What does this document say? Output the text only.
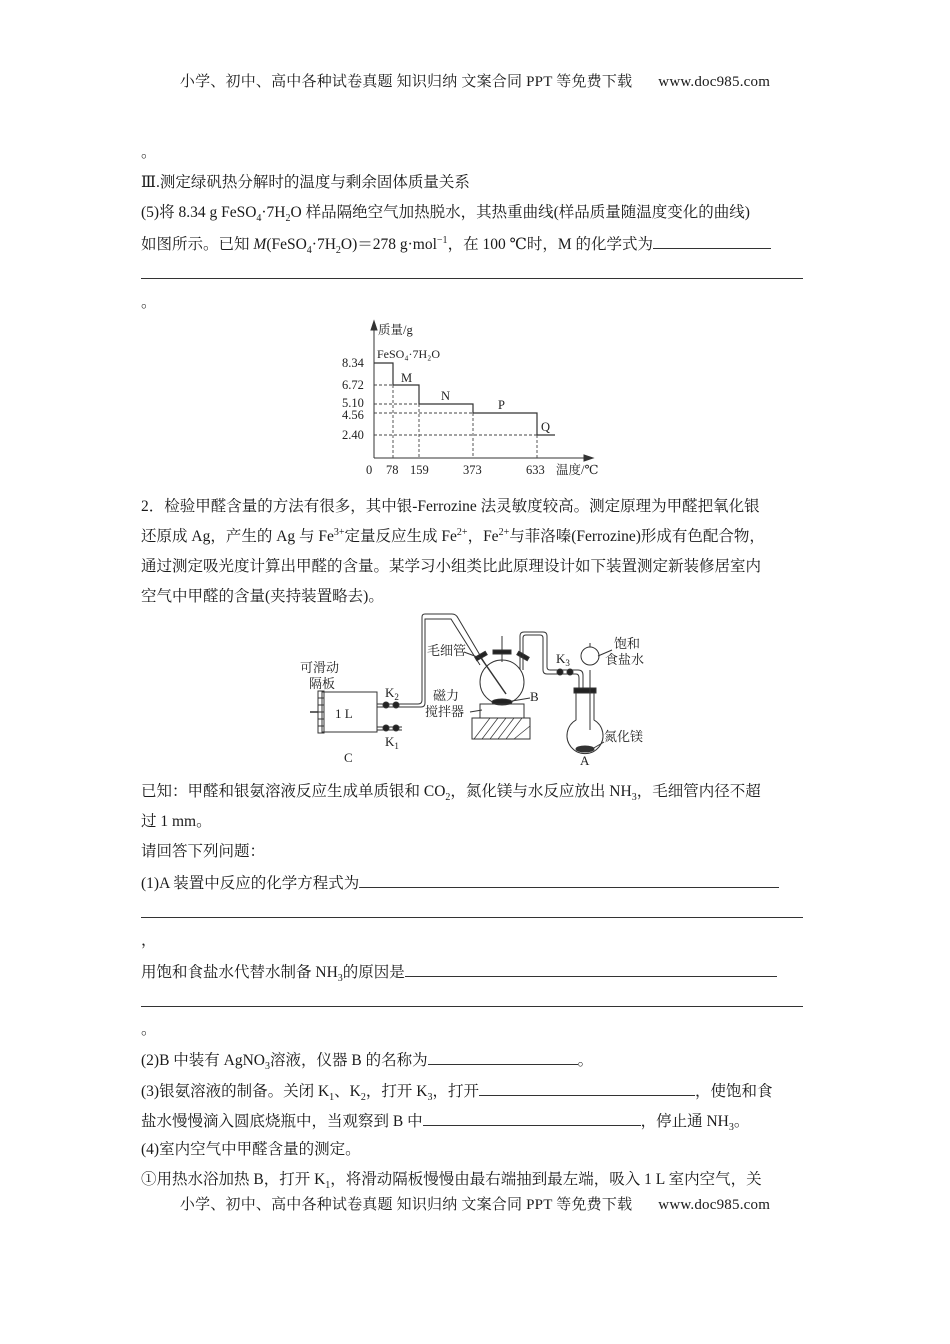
小学、初中、高中各种试卷真题 知识归纳 文案合同 PPT 等免费下载 www.doc985.com
。
Ⅲ.测定绿矾热分解时的温度与剩余固体质量关系
(5)将 8.34 g $FeSO_4\cdot 7H_2O$ 样品隔绝空气加热脱水，其热重曲线(样品质量随温度变化的曲线)
如图所示。已知 $M(FeSO_4\cdot 7H_2O)=278$ g·mol$^{-1}$，在 100 ℃时，M 的化学式为
。
质量/g
FeSO₄·7H₂O
M
N
P
Q
8.34
6.72
5.10
4.56
2.40
0 78 159	373	633 温度/℃
2．检验甲醛含量的方法有很多，其中银-Ferrozine 法灵敏度较高。测定原理为甲醛把氧化银
还原成 Ag，产生的 Ag 与 $Fe^{3+}$定量反应生成 $Fe^{2+}$，$Fe^{2+}$与菲洛嗪(Ferrozine)形成有色配合物，
通过测定吸光度计算出甲醛的含量。某学习小组类比此原理设计如下装置测定新装修居室内
空气中甲醛的含量(夹持装置略去)。
可滑动
隔板
1 L
$K_2$
$K_1$
C
毛细管
磁力
搅拌器
B
$K_3$
饱和
食盐水
氮化镁
A
已知：甲醛和银氨溶液反应生成单质银和 $CO_2$，氮化镁与水反应放出 $NH_3$，毛细管内径不超
过 1 mm。
请回答下列问题：
(1)A 装置中反应的化学方程式为
，
用饱和食盐水代替水制备 $NH_3$的原因是
。
(2)B 中装有 AgNO$_3$溶液，仪器 B 的名称为	。
(3)银氨溶液的制备。关闭 $K_1$、$K_2$，打开 $K_3$，打开	，使饱和食
盐水慢慢滴入圆底烧瓶中，当观察到 B 中	，停止通 $NH_3$。
(4)室内空气中甲醛含量的测定。
①用热水浴加热 B，打开 $K_1$，将滑动隔板慢慢由最右端抽到最左端，吸入 1 L 室内空气，关
小学、初中、高中各种试卷真题 知识归纳 文案合同 PPT 等免费下载 www.doc985.com
